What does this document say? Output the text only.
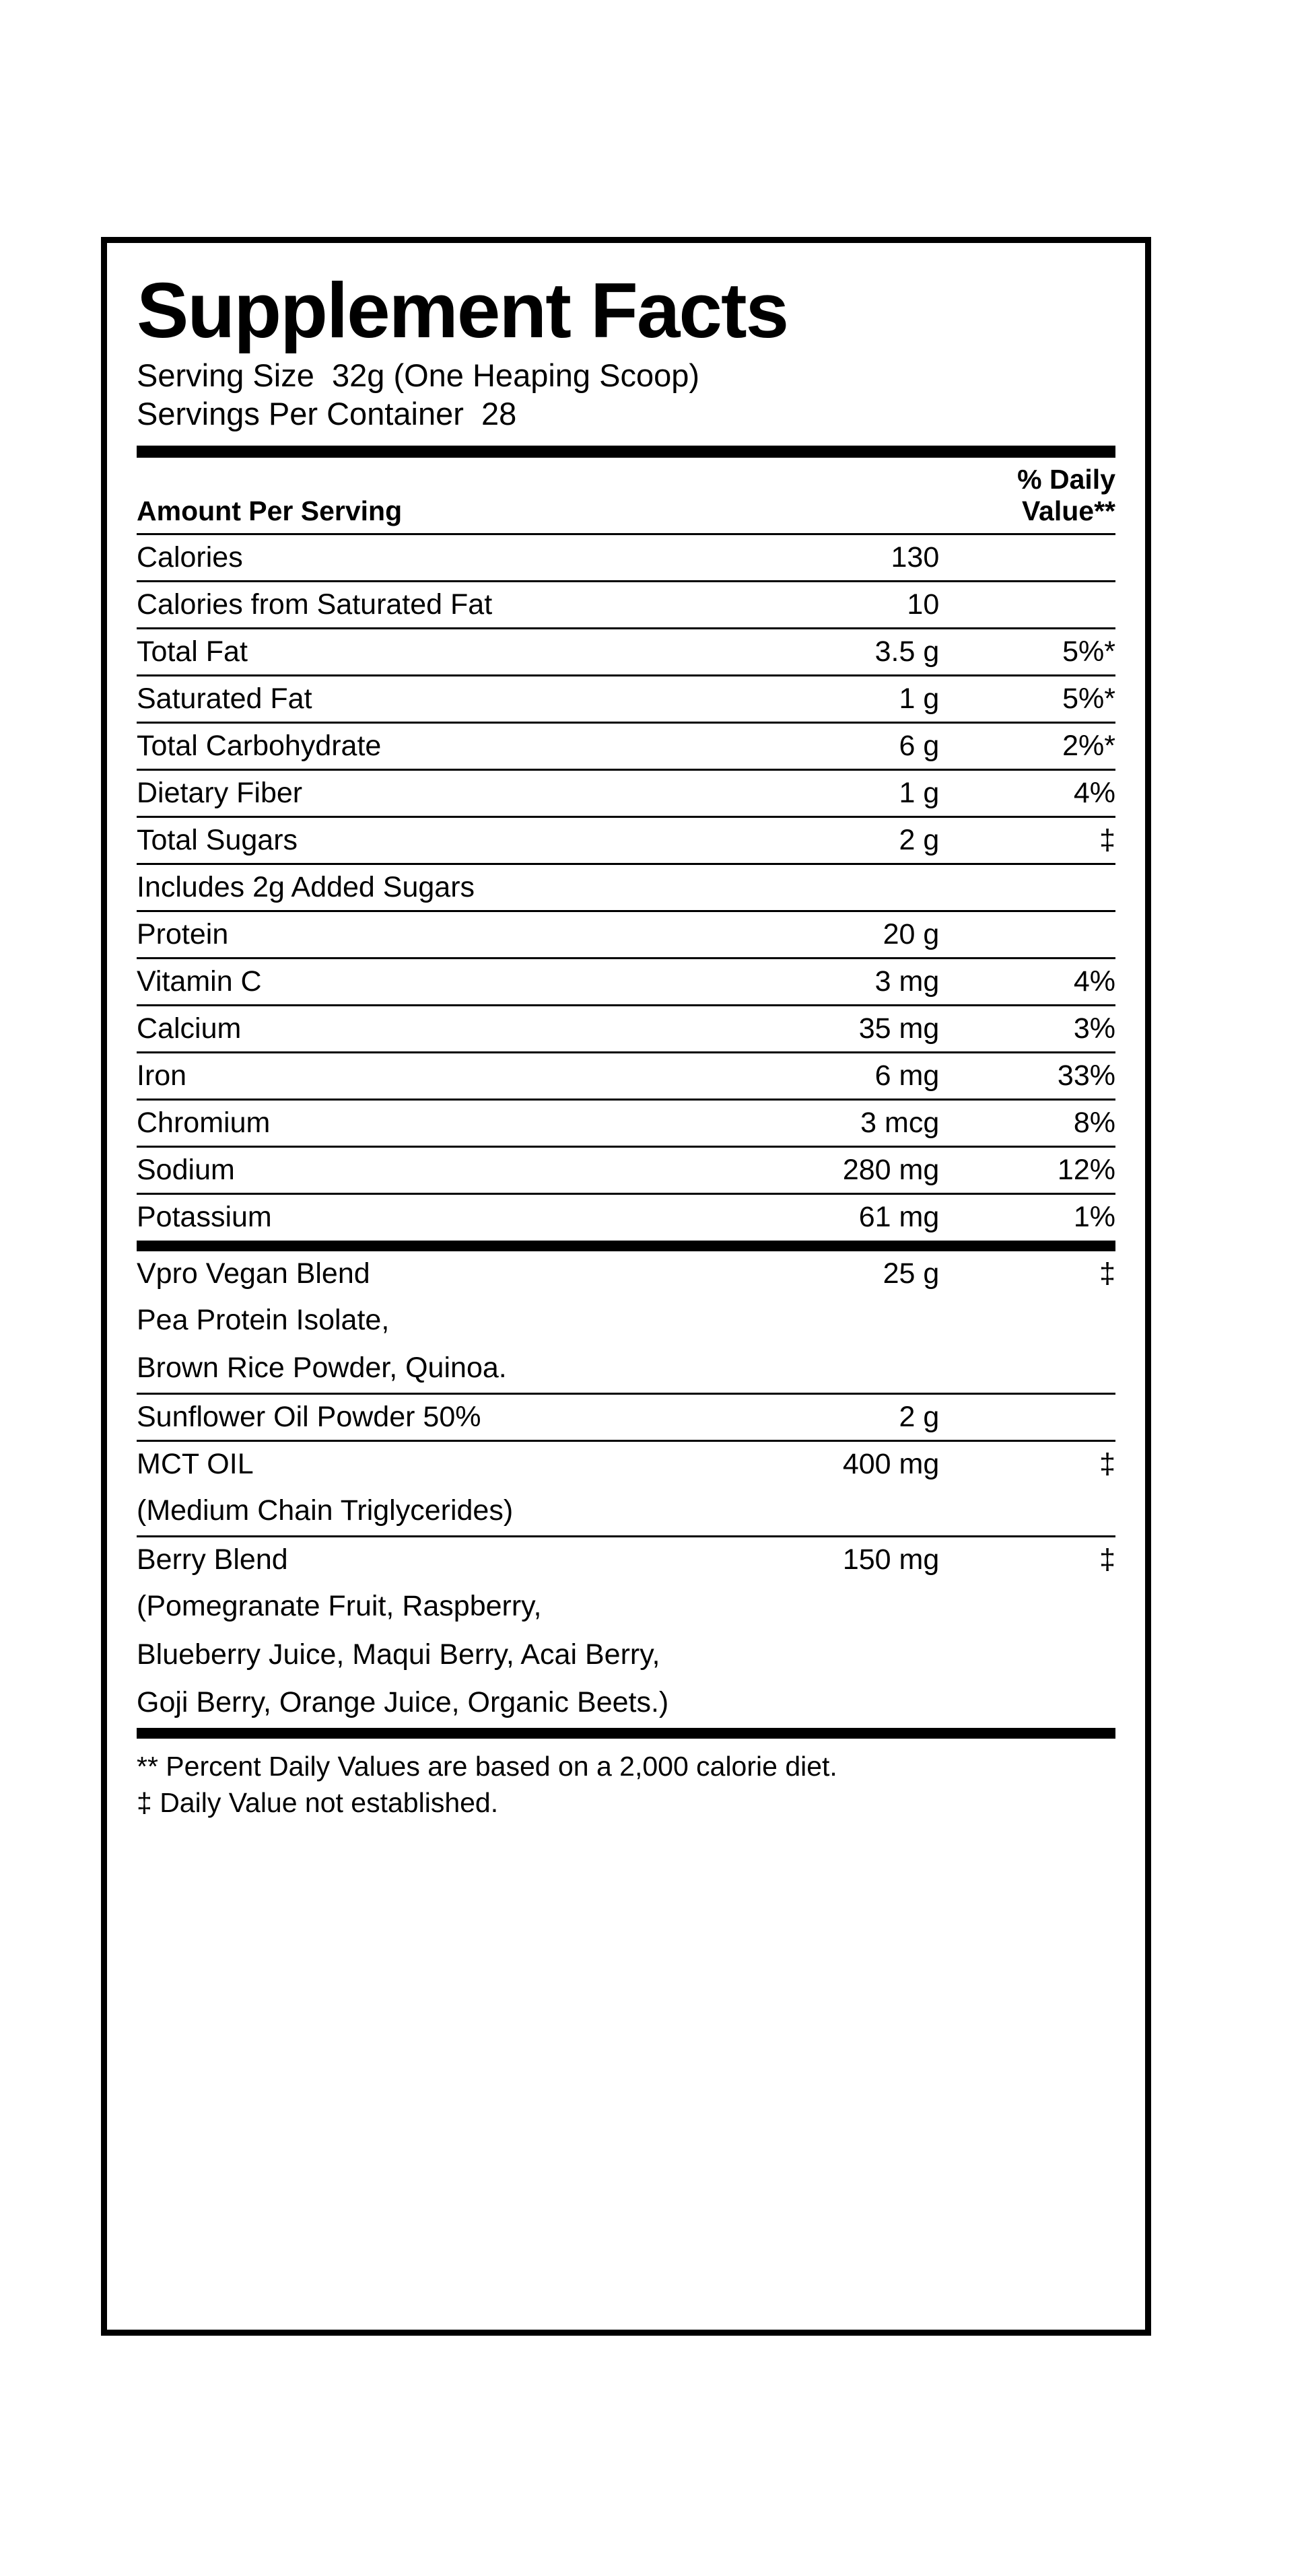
Supplement Facts
Serving Size  32g (One Heaping Scoop)
Servings Per Container  28
Amount Per Serving		% Daily Value**
Calories	130	
Calories from Saturated Fat	10	
Total Fat	3.5 g	5%*
Saturated Fat	1 g	5%*
Total Carbohydrate	6 g	2%*
Dietary Fiber	1 g	4%
Total Sugars	2 g	‡
Includes 2g Added Sugars		
Protein	20 g	
Vitamin C	3 mg	4%
Calcium	35 mg	3%
Iron	6 mg	33%
Chromium	3 mcg	8%
Sodium	280 mg	12%
Potassium	61 mg	1%
Vpro Vegan Blend	25 g	‡
Pea Protein Isolate,		
Brown Rice Powder, Quinoa.		
Sunflower Oil Powder 50%	2 g	
MCT OIL	400 mg	‡
(Medium Chain Triglycerides)		
Berry Blend	150 mg	‡
(Pomegranate Fruit, Raspberry,		
Blueberry Juice, Maqui Berry, Acai Berry,		
Goji Berry, Orange Juice, Organic Beets.)		
** Percent Daily Values are based on a 2,000 calorie diet.
‡ Daily Value not established.
